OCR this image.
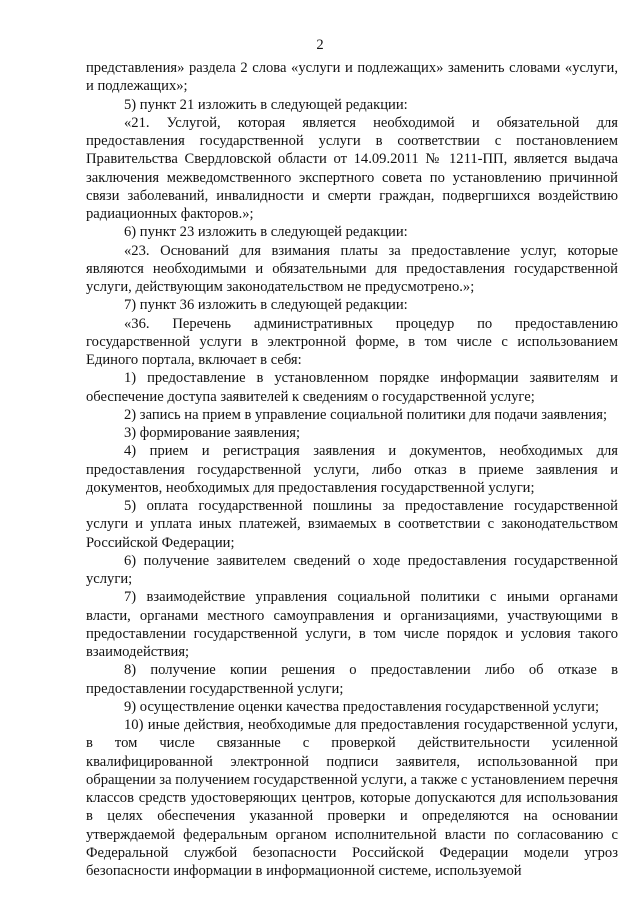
2

представления» раздела 2 слова «услуги и подлежащих» заменить словами «услуги, и подлежащих»;

5) пункт 21 изложить в следующей редакции:

«21. Услугой, которая является необходимой и обязательной для предоставления государственной услуги в соответствии с постановлением Правительства Свердловской области от 14.09.2011 № 1211-ПП, является выдача заключения межведомственного экспертного совета по установлению причинной связи заболеваний, инвалидности и смерти граждан, подвергшихся воздействию радиационных факторов.»;

6) пункт 23 изложить в следующей редакции:

«23. Оснований для взимания платы за предоставление услуг, которые являются необходимыми и обязательными для предоставления государственной услуги, действующим законодательством не предусмотрено.»;

7) пункт 36 изложить в следующей редакции:

«36. Перечень административных процедур по предоставлению государственной услуги в электронной форме, в том числе с использованием Единого портала, включает в себя:

1) предоставление в установленном порядке информации заявителям и обеспечение доступа заявителей к сведениям о государственной услуге;

2) запись на прием в управление социальной политики для подачи заявления;

3) формирование заявления;

4) прием и регистрация заявления и документов, необходимых для предоставления государственной услуги, либо отказ в приеме заявления и документов, необходимых для предоставления государственной услуги;

5) оплата государственной пошлины за предоставление государственной услуги и уплата иных платежей, взимаемых в соответствии с законодательством Российской Федерации;

6) получение заявителем сведений о ходе предоставления государственной услуги;

7) взаимодействие управления социальной политики с иными органами власти, органами местного самоуправления и организациями, участвующими в предоставлении государственной услуги, в том числе порядок и условия такого взаимодействия;

8) получение копии решения о предоставлении либо об отказе в предоставлении государственной услуги;

9) осуществление оценки качества предоставления государственной услуги;

10) иные действия, необходимые для предоставления государственной услуги, в том числе связанные с проверкой действительности усиленной квалифицированной электронной подписи заявителя, использованной при обращении за получением государственной услуги, а также с установлением перечня классов средств удостоверяющих центров, которые допускаются для использования в целях обеспечения указанной проверки и определяются на основании утверждаемой федеральным органом исполнительной власти по согласованию с Федеральной службой безопасности Российской Федерации модели угроз безопасности информации в информационной системе, используемой
